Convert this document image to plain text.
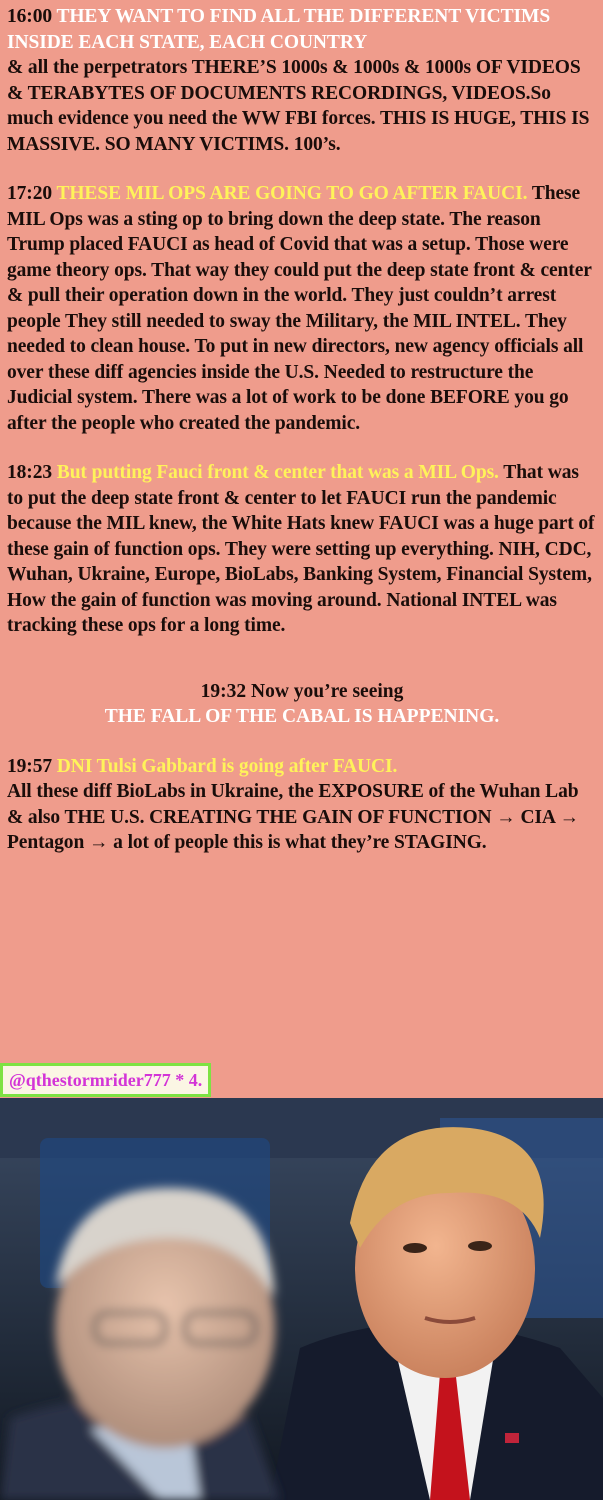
16:00 THEY WANT TO FIND ALL THE DIFFERENT VICTIMS INSIDE EACH STATE, EACH COUNTRY
& all the perpetrators THERE’S 1000s & 1000s & 1000s OF VIDEOS & TERABYTES OF DOCUMENTS RECORDINGS, VIDEOS.So much evidence you need the WW FBI forces. THIS IS HUGE, THIS IS MASSIVE. SO MANY VICTIMS. 100’s.

17:20 THESE MIL OPS ARE GOING TO GO AFTER FAUCI. These MIL Ops was a sting op to bring down the deep state. The reason Trump placed FAUCI as head of Covid that was a setup. Those were game theory ops. That way they could put the deep state front & center & pull their operation down in the world. They just couldn’t arrest people They still needed to sway the Military, the MIL INTEL. They needed to clean house. To put in new directors, new agency officials all over these diff agencies inside the U.S. Needed to restructure the Judicial system. There was a lot of work to be done BEFORE you go after the people who created the pandemic.

18:23 But putting Fauci front & center that was a MIL Ops. That was to put the deep state front & center to let FAUCI run the pandemic because the MIL knew, the White Hats knew FAUCI was a huge part of these gain of function ops. They were setting up everything. NIH, CDC, Wuhan, Ukraine, Europe, BioLabs, Banking System, Financial System, How the gain of function was moving around. National INTEL was tracking these ops for a long time.

19:32 Now you’re seeing
THE FALL OF THE CABAL IS HAPPENING.

19:57 DNI Tulsi Gabbard is going after FAUCI.
All these diff BioLabs in Ukraine, the EXPOSURE of the Wuhan Lab & also THE U.S. CREATING THE GAIN OF FUNCTION → CIA → Pentagon → a lot of people this is what they’re STAGING.

@qthestormrider777 * 4.
